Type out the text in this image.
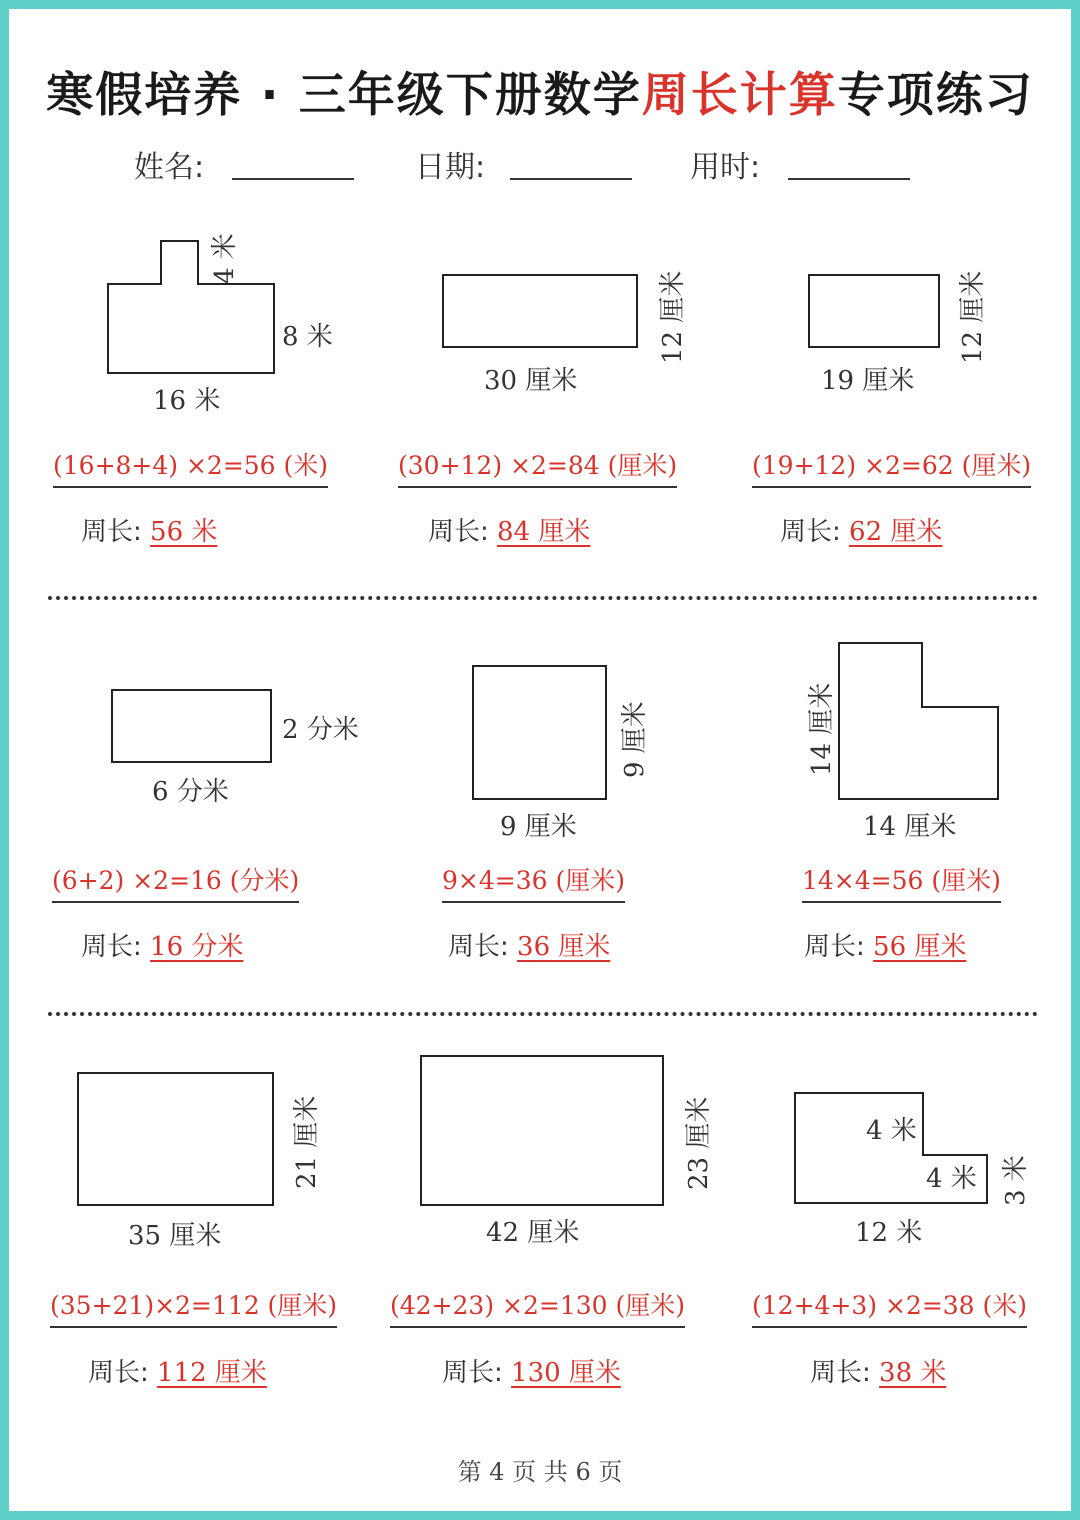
寒假培养 · 三年级下册数学周长计算专项练习
姓名:	日期:	用时:
4 米
8 米
16 米
(16+8+4) ×2=56 (米)
周长: 56 米
12 厘米
30 厘米
(30+12) ×2=84 (厘米)
周长: 84 厘米
12 厘米
19 厘米
(19+12) ×2=62 (厘米)
周长: 62 厘米
2 分米
6 分米
(6+2) ×2=16 (分米)
周长: 16 分米
9 厘米
9 厘米
9×4=36 (厘米)
周长: 36 厘米
14 厘米
14 厘米
14×4=56 (厘米)
周长: 56 厘米
21 厘米
35 厘米
(35+21)×2=112 (厘米)
周长: 112 厘米
23 厘米
42 厘米
(42+23) ×2=130 (厘米)
周长: 130 厘米
4 米
4 米 3 米
12 米
(12+4+3) ×2=38 (米)
周长: 38 米
第 4 页 共 6 页
